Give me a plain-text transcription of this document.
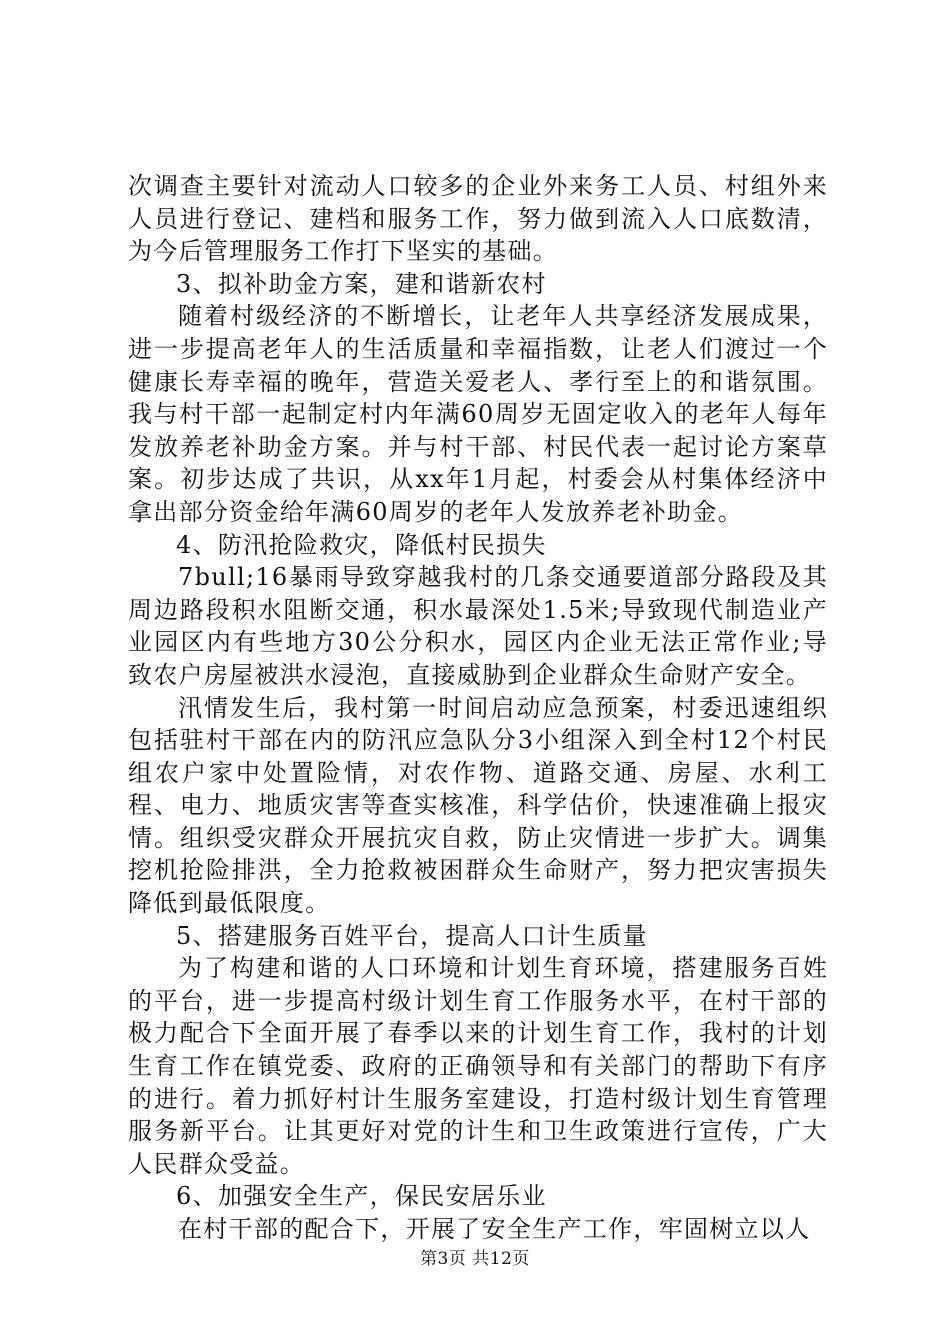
次调查主要针对流动人口较多的企业外来务工人员、村组外来人员进行登记、建档和服务工作，努力做到流入人口底数清，为今后管理服务工作打下坚实的基础。

3、拟补助金方案，建和谐新农村

随着村级经济的不断增长，让老年人共享经济发展成果，进一步提高老年人的生活质量和幸福指数，让老人们渡过一个健康长寿幸福的晚年，营造关爱老人、孝行至上的和谐氛围。我与村干部一起制定村内年满60周岁无固定收入的老年人每年发放养老补助金方案。并与村干部、村民代表一起讨论方案草案。初步达成了共识，从xx年1月起，村委会从村集体经济中拿出部分资金给年满60周岁的老年人发放养老补助金。

4、防汛抢险救灾，降低村民损失

7bull;16暴雨导致穿越我村的几条交通要道部分路段及其周边路段积水阻断交通，积水最深处1.5米;导致现代制造业产业园区内有些地方30公分积水，园区内企业无法正常作业;导致农户房屋被洪水浸泡，直接威胁到企业群众生命财产安全。

汛情发生后，我村第一时间启动应急预案，村委迅速组织包括驻村干部在内的防汛应急队分3小组深入到全村12个村民组农户家中处置险情，对农作物、道路交通、房屋、水利工程、电力、地质灾害等查实核准，科学估价，快速准确上报灾情。组织受灾群众开展抗灾自救，防止灾情进一步扩大。调集挖机抢险排洪，全力抢救被困群众生命财产，努力把灾害损失降低到最低限度。

5、搭建服务百姓平台，提高人口计生质量

为了构建和谐的人口环境和计划生育环境，搭建服务百姓的平台，进一步提高村级计划生育工作服务水平，在村干部的极力配合下全面开展了春季以来的计划生育工作，我村的计划生育工作在镇党委、政府的正确领导和有关部门的帮助下有序的进行。着力抓好村计生服务室建设，打造村级计划生育管理服务新平台。让其更好对党的计生和卫生政策进行宣传，广大人民群众受益。

6、加强安全生产，保民安居乐业

在村干部的配合下，开展了安全生产工作，牢固树立以人

第3页 共12页
